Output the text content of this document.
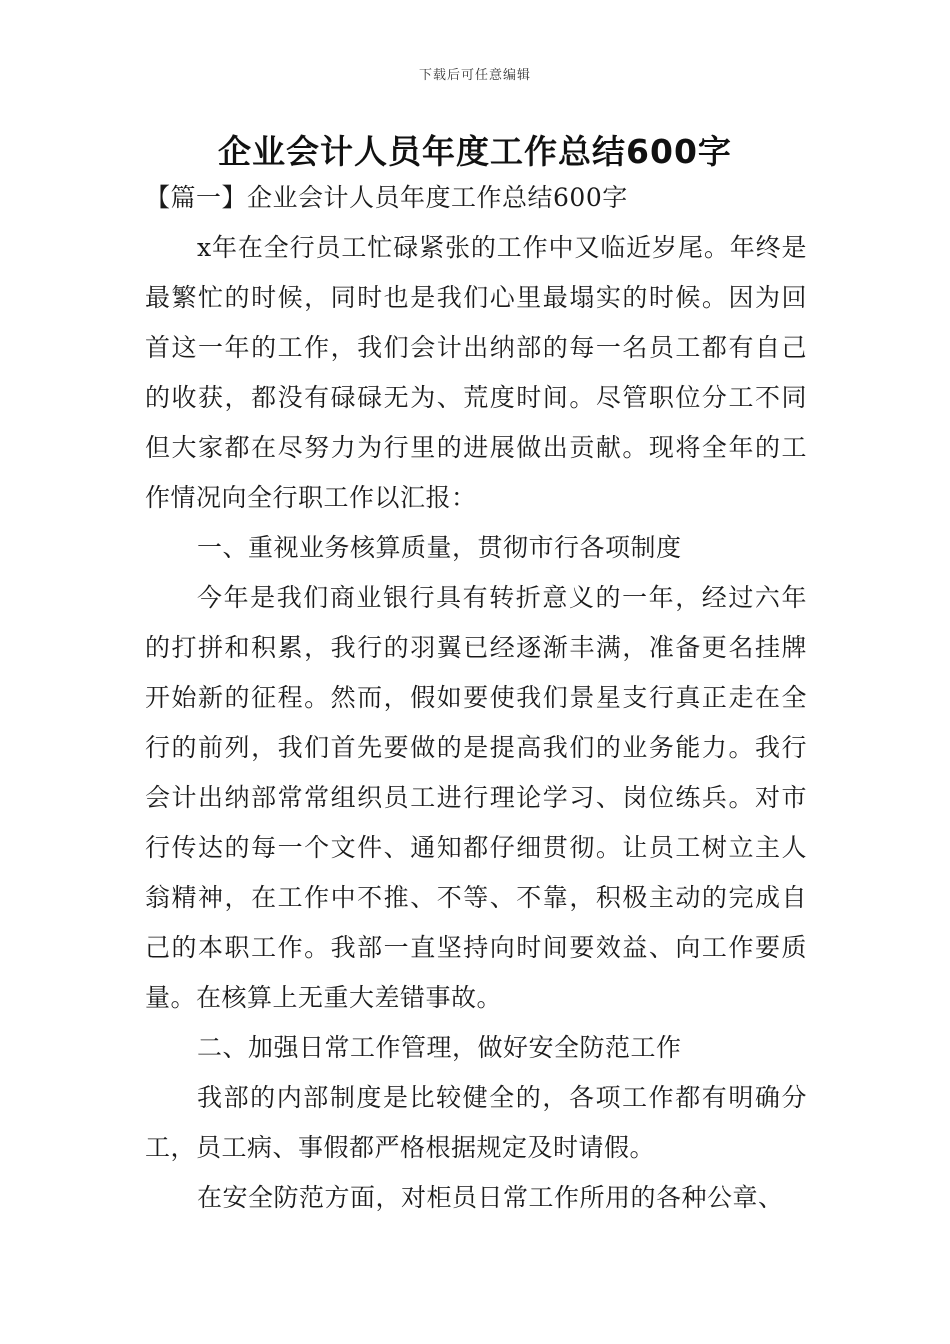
下载后可任意编辑
企业会计人员年度工作总结600字

【篇一】企业会计人员年度工作总结600字

x年在全行员工忙碌紧张的工作中又临近岁尾。年终是最繁忙的时候，同时也是我们心里最塌实的时候。因为回首这一年的工作，我们会计出纳部的每一名员工都有自己的收获，都没有碌碌无为、荒度时间。尽管职位分工不同但大家都在尽努力为行里的进展做出贡献。现将全年的工作情况向全行职工作以汇报：

一、重视业务核算质量，贯彻市行各项制度

今年是我们商业银行具有转折意义的一年，经过六年的打拼和积累，我行的羽翼已经逐渐丰满，准备更名挂牌开始新的征程。然而，假如要使我们景星支行真正走在全行的前列，我们首先要做的是提高我们的业务能力。我行会计出纳部常常组织员工进行理论学习、岗位练兵。对市行传达的每一个文件、通知都仔细贯彻。让员工树立主人翁精神，在工作中不推、不等、不靠，积极主动的完成自己的本职工作。我部一直坚持向时间要效益、向工作要质量。在核算上无重大差错事故。

二、加强日常工作管理，做好安全防范工作

我部的内部制度是比较健全的，各项工作都有明确分工，员工病、事假都严格根据规定及时请假。

在安全防范方面，对柜员日常工作所用的各种公章、
